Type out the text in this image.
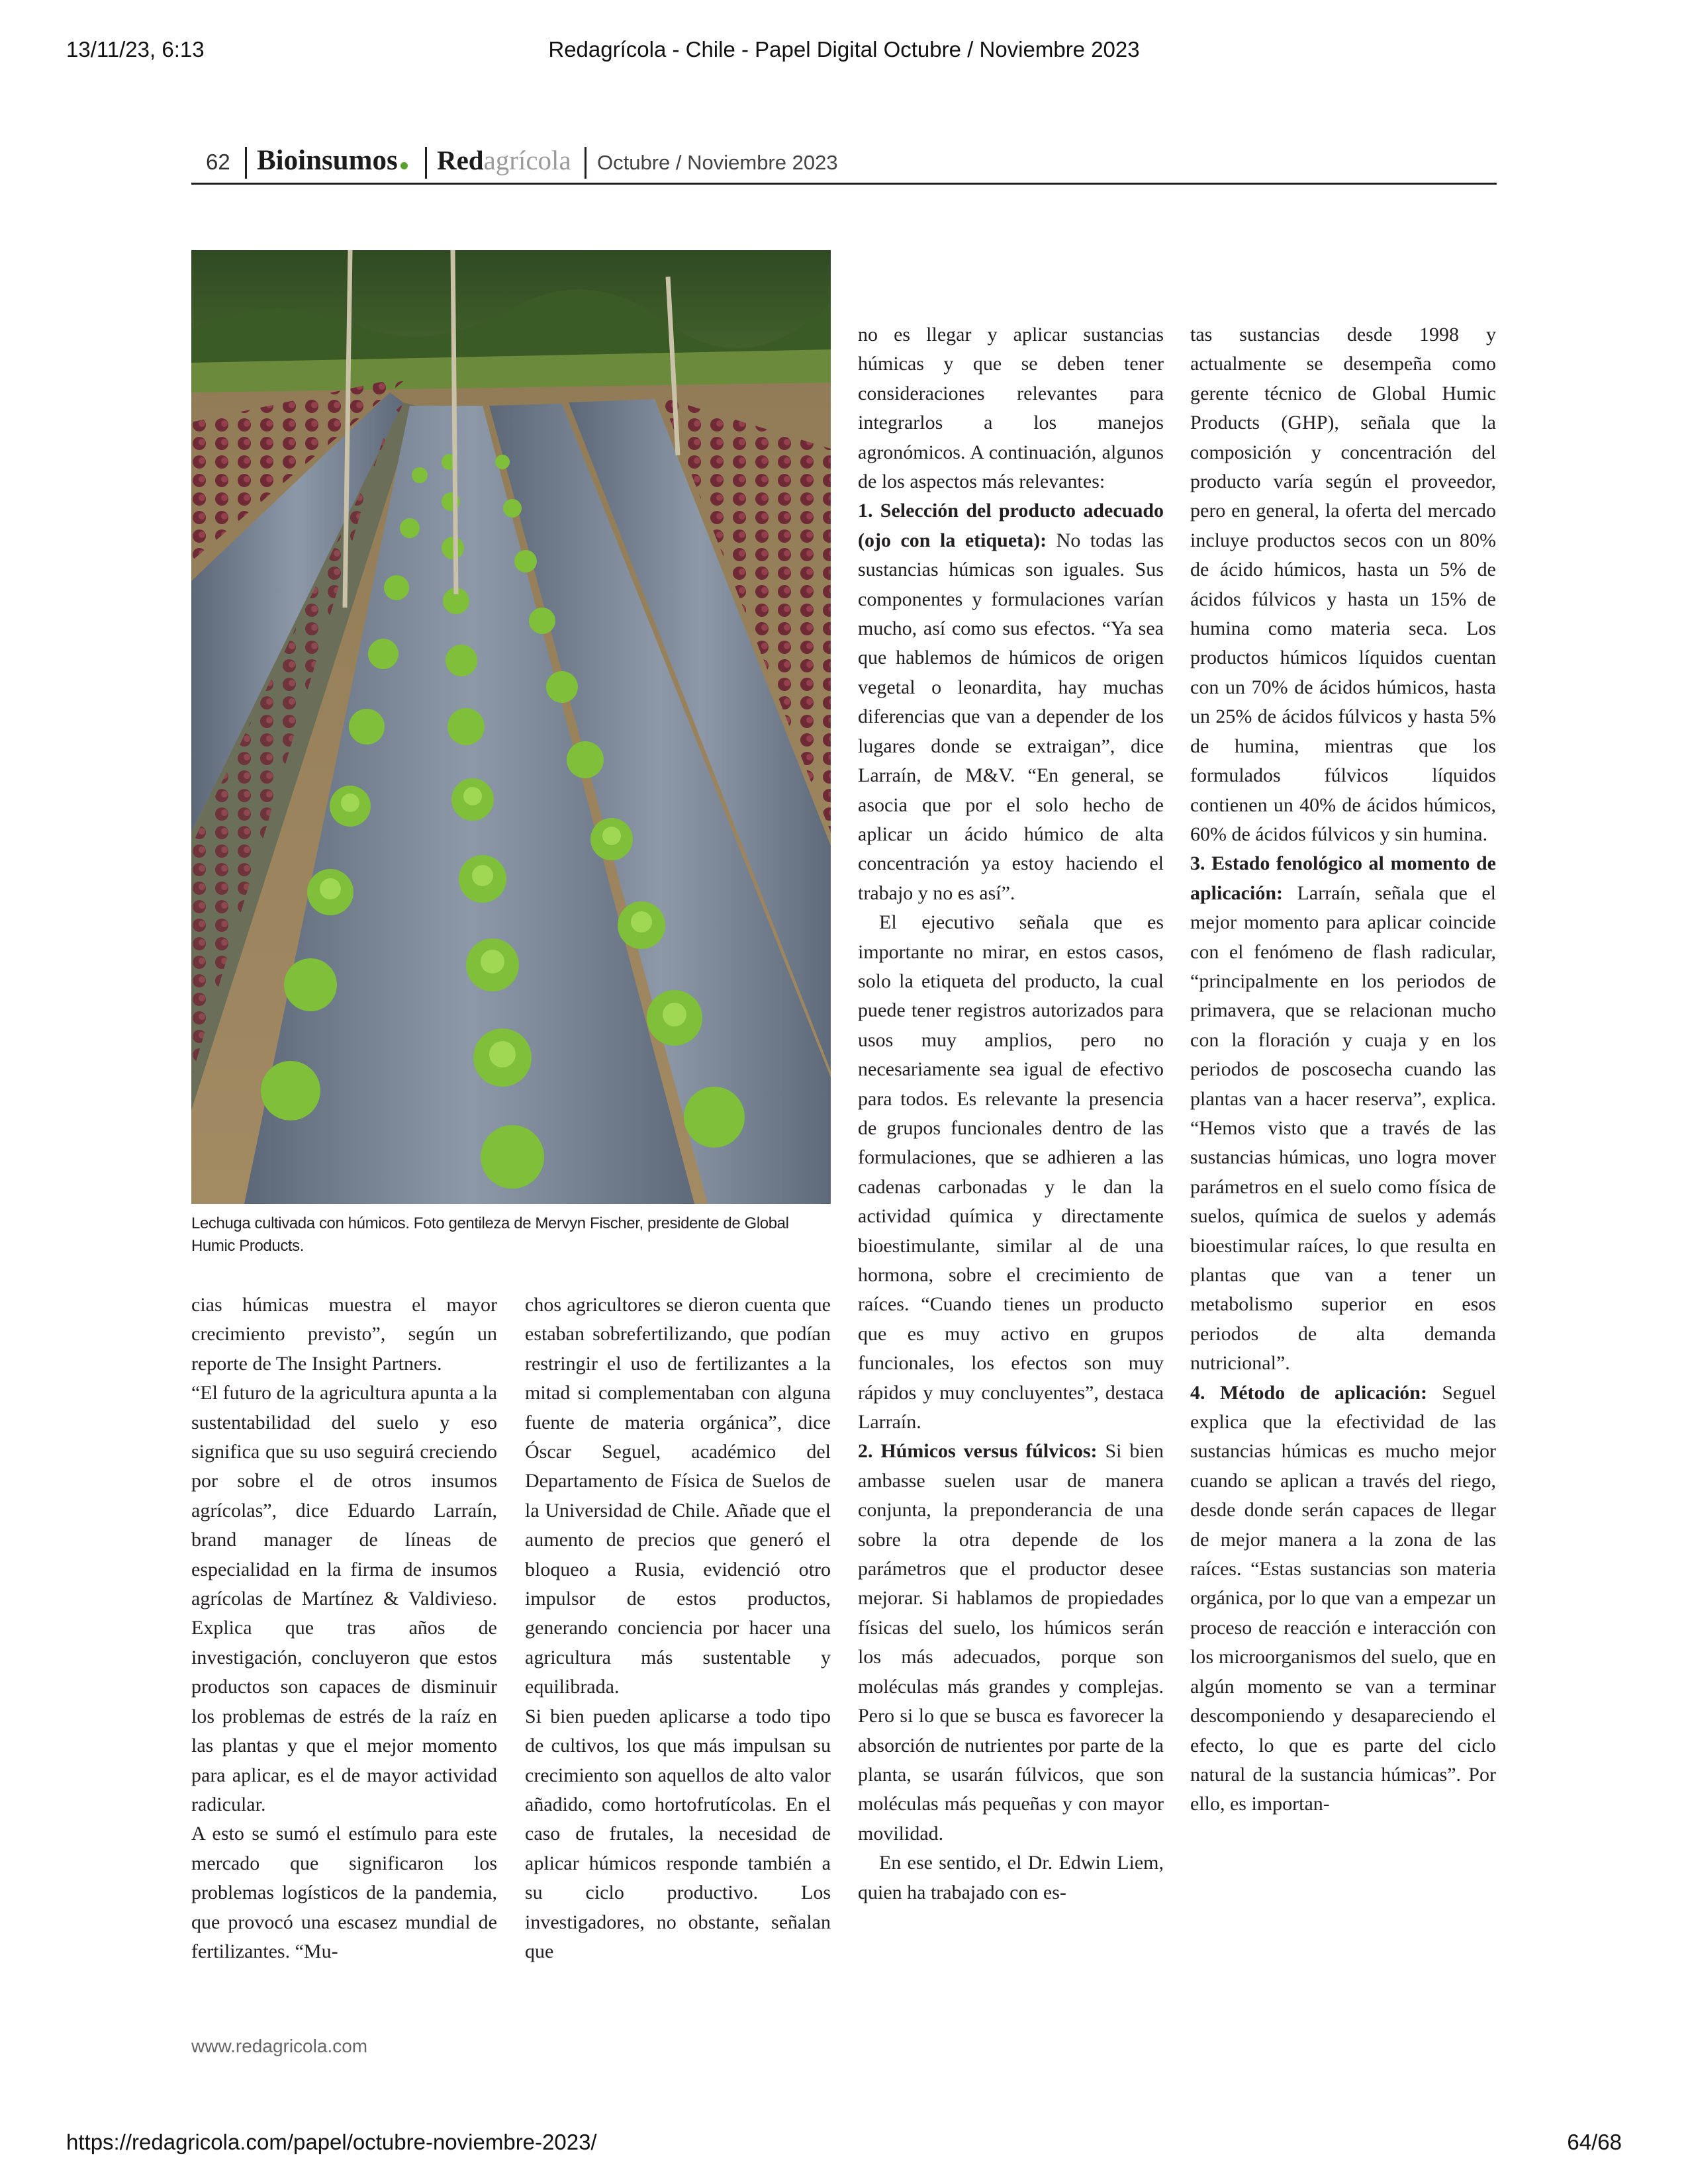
13/11/23, 6:13	Redagrícola - Chile - Papel Digital Octubre / Noviembre 2023
62 Bioinsumos	Redagrícola Octubre / Noviembre 2023
Lechuga cultivada con húmicos. Foto gentileza de Mervyn Fischer, presidente de Global Humic Products.

cias húmicas muestra el mayor crecimiento previsto”, según un reporte de The Insight Partners.

“El futuro de la agricultura apunta a la sustentabilidad del suelo y eso significa que su uso seguirá creciendo por sobre el de otros insumos agrícolas”, dice Eduardo Larraín, brand manager de líneas de especialidad en la firma de insumos agrícolas de Martínez & Valdivieso. Explica que tras años de investigación, concluyeron que estos productos son capaces de disminuir los problemas de estrés de la raíz en las plantas y que el mejor momento para aplicar, es el de mayor actividad radicular.

A esto se sumó el estímulo para este mercado que significaron los problemas logísticos de la pandemia, que provocó una escasez mundial de fertilizantes. “Mu-

chos agricultores se dieron cuenta que estaban sobrefertilizando, que podían restringir el uso de fertilizantes a la mitad si complementaban con alguna fuente de materia orgánica”, dice Óscar Seguel, académico del Departamento de Física de Suelos de la Universidad de Chile. Añade que el aumento de precios que generó el bloqueo a Rusia, evidenció otro impulsor de estos productos, generando conciencia por hacer una agricultura más sustentable y equilibrada.

Si bien pueden aplicarse a todo tipo de cultivos, los que más impulsan su crecimiento son aquellos de alto valor añadido, como hortofrutícolas. En el caso de frutales, la necesidad de aplicar húmicos responde también a su ciclo productivo. Los investigadores, no obstante, señalan que

no es llegar y aplicar sustancias húmicas y que se deben tener consideraciones relevantes para integrarlos a los manejos agronómicos. A continuación, algunos de los aspectos más relevantes:

1. Selección del producto adecuado (ojo con la etiqueta): No todas las sustancias húmicas son iguales. Sus componentes y formulaciones varían mucho, así como sus efectos. “Ya sea que hablemos de húmicos de origen vegetal o leonardita, hay muchas diferencias que van a depender de los lugares donde se extraigan”, dice Larraín, de M&V. “En general, se asocia que por el solo hecho de aplicar un ácido húmico de alta concentración ya estoy haciendo el trabajo y no es así”.

El ejecutivo señala que es importante no mirar, en estos casos, solo la etiqueta del producto, la cual puede tener registros autorizados para usos muy amplios, pero no necesariamente sea igual de efectivo para todos. Es relevante la presencia de grupos funcionales dentro de las formulaciones, que se adhieren a las cadenas carbonadas y le dan la actividad química y directamente bioestimulante, similar al de una hormona, sobre el crecimiento de raíces. “Cuando tienes un producto que es muy activo en grupos funcionales, los efectos son muy rápidos y muy concluyentes”, destaca Larraín.

2. Húmicos versus fúlvicos: Si bien ambasse suelen usar de manera conjunta, la preponderancia de una sobre la otra depende de los parámetros que el productor desee mejorar. Si hablamos de propiedades físicas del suelo, los húmicos serán los más adecuados, porque son moléculas más grandes y complejas. Pero si lo que se busca es favorecer la absorción de nutrientes por parte de la planta, se usarán fúlvicos, que son moléculas más pequeñas y con mayor movilidad.

En ese sentido, el Dr. Edwin Liem, quien ha trabajado con es-

tas sustancias desde 1998 y actualmente se desempeña como gerente técnico de Global Humic Products (GHP), señala que la composición y concentración del producto varía según el proveedor, pero en general, la oferta del mercado incluye productos secos con un 80% de ácido húmicos, hasta un 5% de ácidos fúlvicos y hasta un 15% de humina como materia seca. Los productos húmicos líquidos cuentan con un 70% de ácidos húmicos, hasta un 25% de ácidos fúlvicos y hasta 5% de humina, mientras que los formulados fúlvicos líquidos contienen un 40% de ácidos húmicos, 60% de ácidos fúlvicos y sin humina.

3. Estado fenológico al momento de aplicación: Larraín, señala que el mejor momento para aplicar coincide con el fenómeno de flash radicular, “principalmente en los periodos de primavera, que se relacionan mucho con la floración y cuaja y en los periodos de poscosecha cuando las plantas van a hacer reserva”, explica. “Hemos visto que a través de las sustancias húmicas, uno logra mover parámetros en el suelo como física de suelos, química de suelos y además bioestimular raíces, lo que resulta en plantas que van a tener un metabolismo superior en esos periodos de alta demanda nutricional”.

4. Método de aplicación: Seguel explica que la efectividad de las sustancias húmicas es mucho mejor cuando se aplican a través del riego, desde donde serán capaces de llegar de mejor manera a la zona de las raíces. “Estas sustancias son materia orgánica, por lo que van a empezar un proceso de reacción e interacción con los microorganismos del suelo, que en algún momento se van a terminar descomponiendo y desapareciendo el efecto, lo que es parte del ciclo natural de la sustancia húmicas”. Por ello, es importan-

www.redagricola.com
https://redagricola.com/papel/octubre-noviembre-2023/	64/68
